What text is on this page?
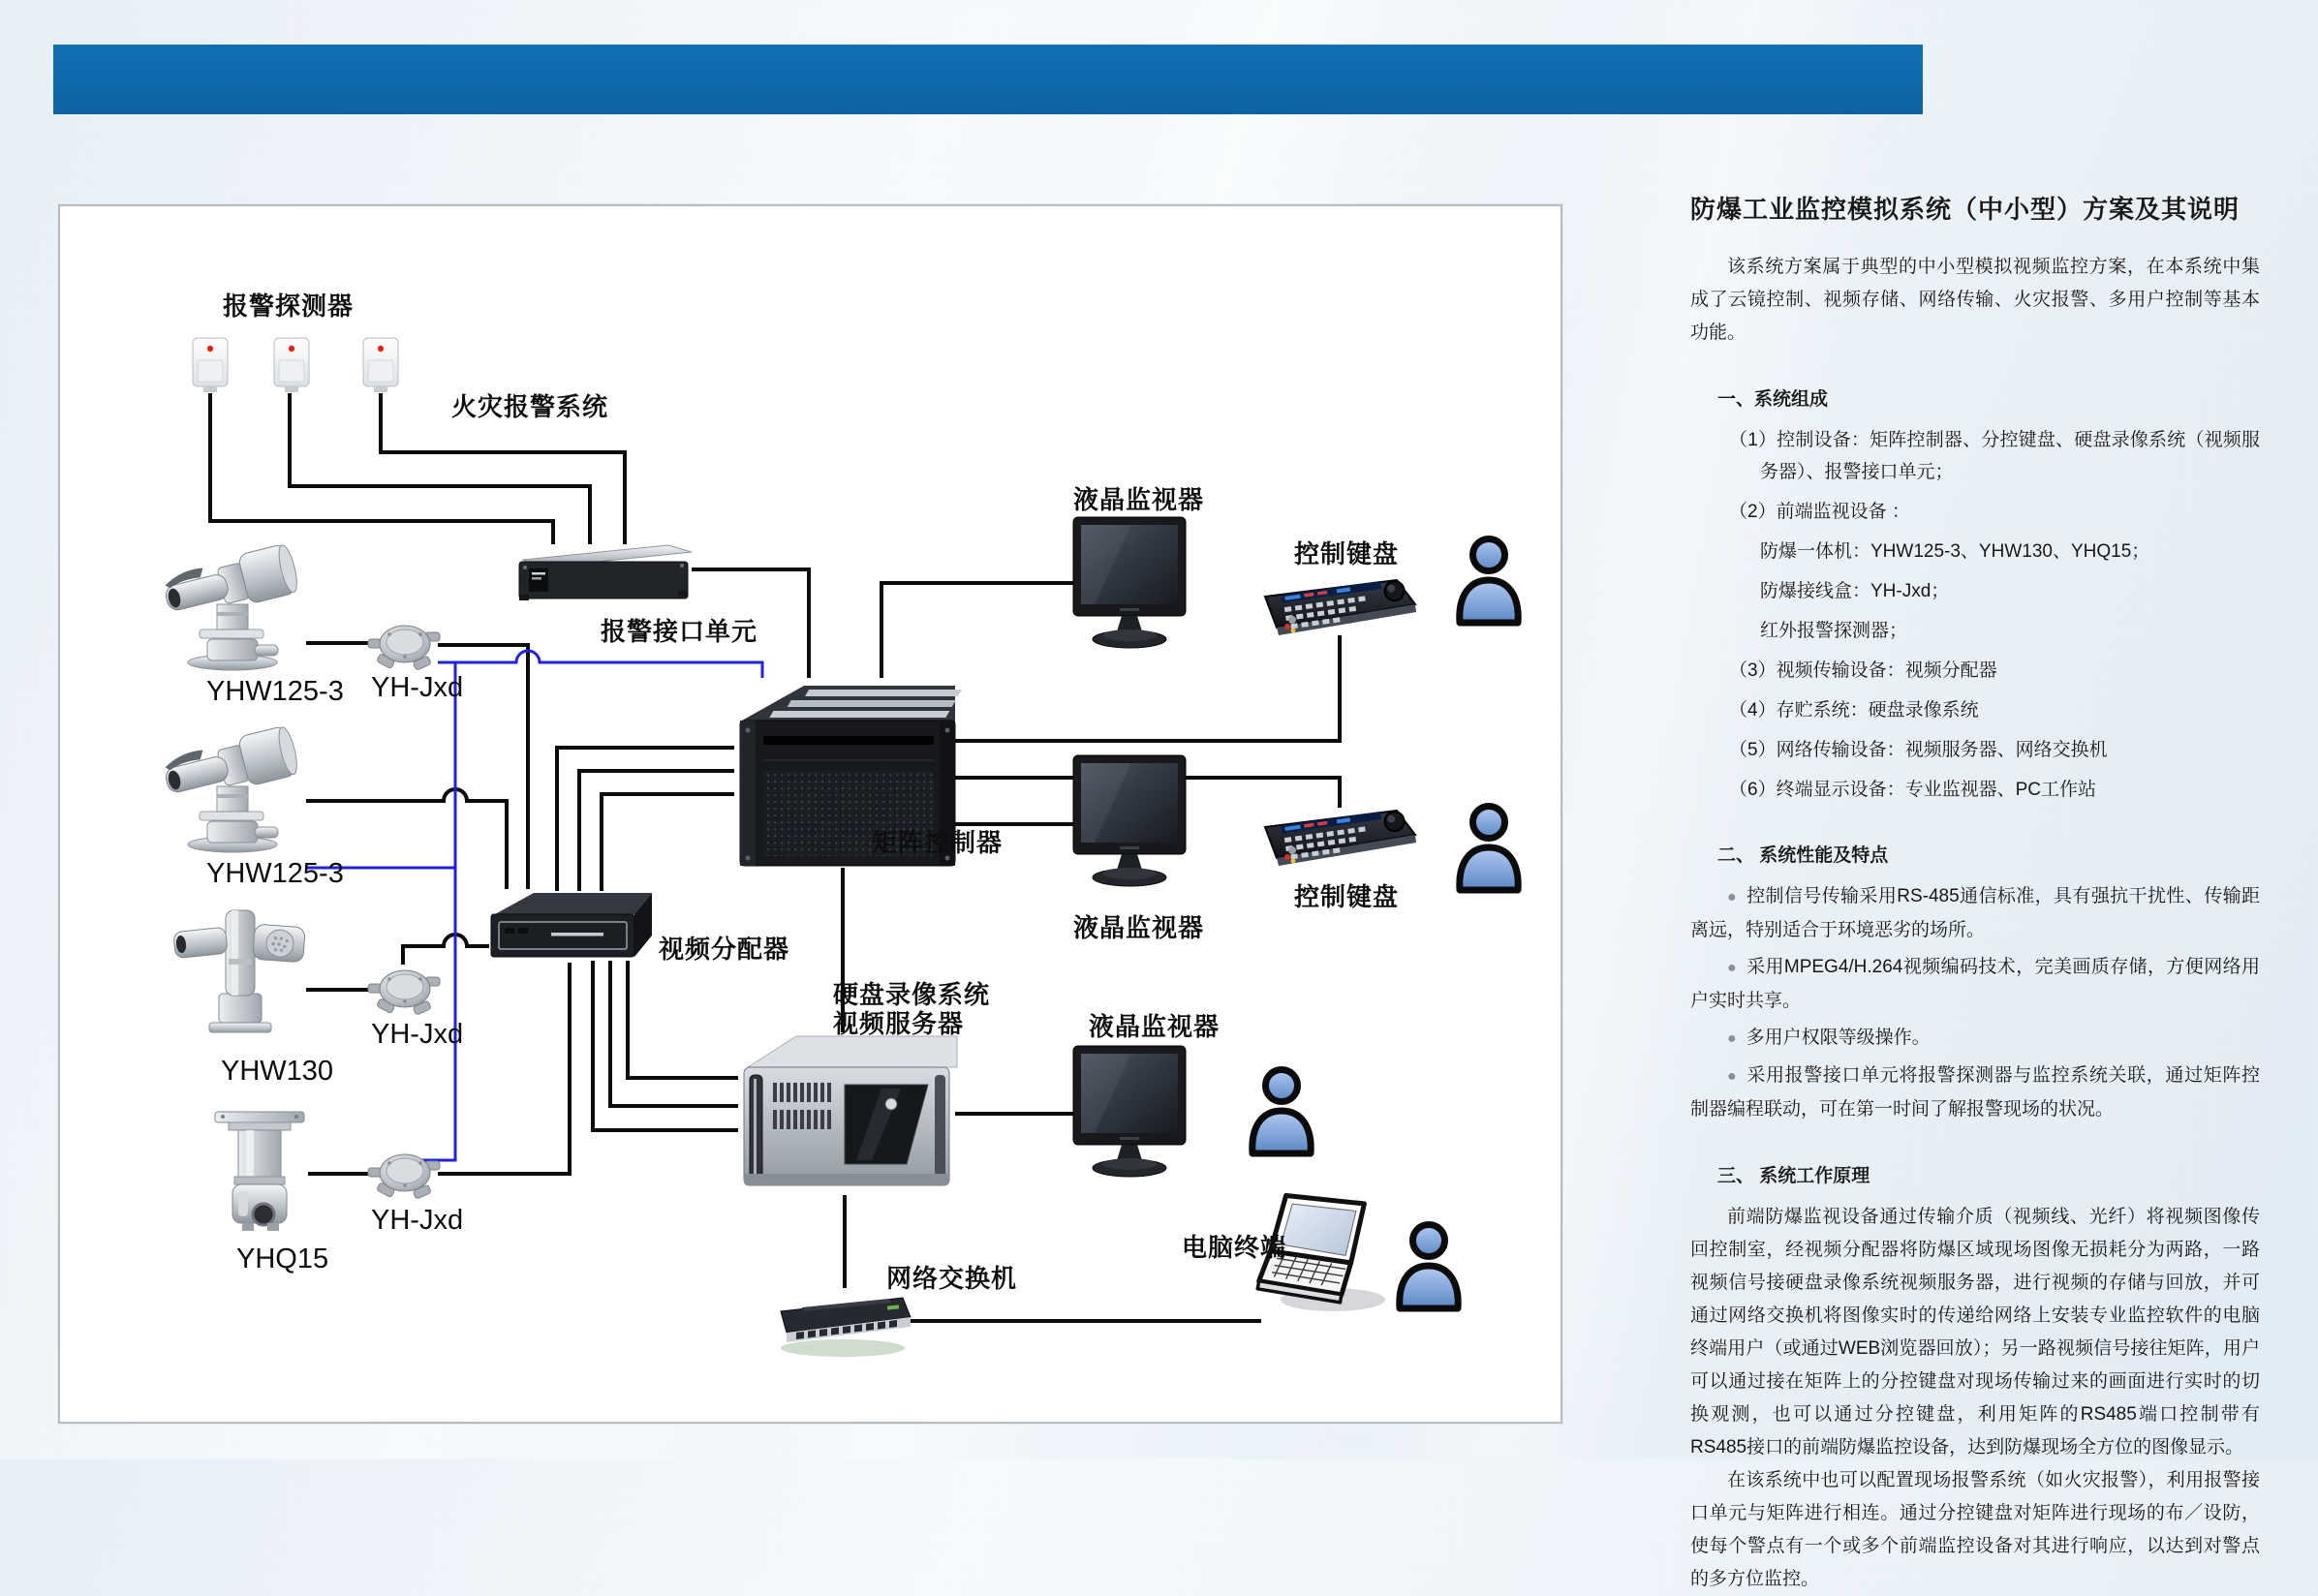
报警探测器
火灾报警系统
报警接口单元
YHW125-3 YH-Jxd
YHW125-3
YHW130
YH-Jxd
YHQ15
YH-Jxd
矩阵控制器
视频分配器
硬盘录像系统
视频服务器
网络交换机
液晶监视器
控制键盘
液晶监视器
控制键盘
液晶监视器
电脑终端
防爆工业监控模拟系统（中小型）方案及其说明

该系统方案属于典型的中小型模拟视频监控方案，在本系统中集成了云镜控制、视频存储、网络传输、火灾报警、多用户控制等基本功能。

一、系统组成
（1）控制设备：矩阵控制器、分控键盘、硬盘录像系统（视频服务器）、报警接口单元；
（2）前端监视设备 ：
防爆一体机：YHW125-3、YHW130、YHQ15；
防爆接线盒：YH-Jxd；
红外报警探测器；
（3）视频传输设备：视频分配器
（4）存贮系统：硬盘录像系统
（5）网络传输设备：视频服务器、网络交换机
（6）终端显示设备：专业监视器、PC工作站
二、 系统性能及特点

● 控制信号传输采用RS-485通信标准，具有强抗干扰性、传输距离远，特别适合于环境恶劣的场所。

● 采用MPEG4/H.264视频编码技术，完美画质存储，方便网络用户实时共享。

● 多用户权限等级操作。

● 采用报警接口单元将报警探测器与监控系统关联，通过矩阵控制器编程联动，可在第一时间了解报警现场的状况。

三、 系统工作原理

前端防爆监视设备通过传输介质（视频线、光纤）将视频图像传回控制室，经视频分配器将防爆区域现场图像无损耗分为两路，一路视频信号接硬盘录像系统视频服务器，进行视频的存储与回放，并可通过网络交换机将图像实时的传递给网络上安装专业监控软件的电脑终端用户（或通过WEB浏览器回放）；另一路视频信号接往矩阵，用户可以通过接在矩阵上的分控键盘对现场传输过来的画面进行实时的切换观测，也可以通过分控键盘，利用矩阵的RS485端口控制带有RS485接口的前端防爆监控设备，达到防爆现场全方位的图像显示。

在该系统中也可以配置现场报警系统（如火灾报警），利用报警接口单元与矩阵进行相连。通过分控键盘对矩阵进行现场的布／设防，使每个警点有一个或多个前端监控设备对其进行响应，以达到对警点的多方位监控。
